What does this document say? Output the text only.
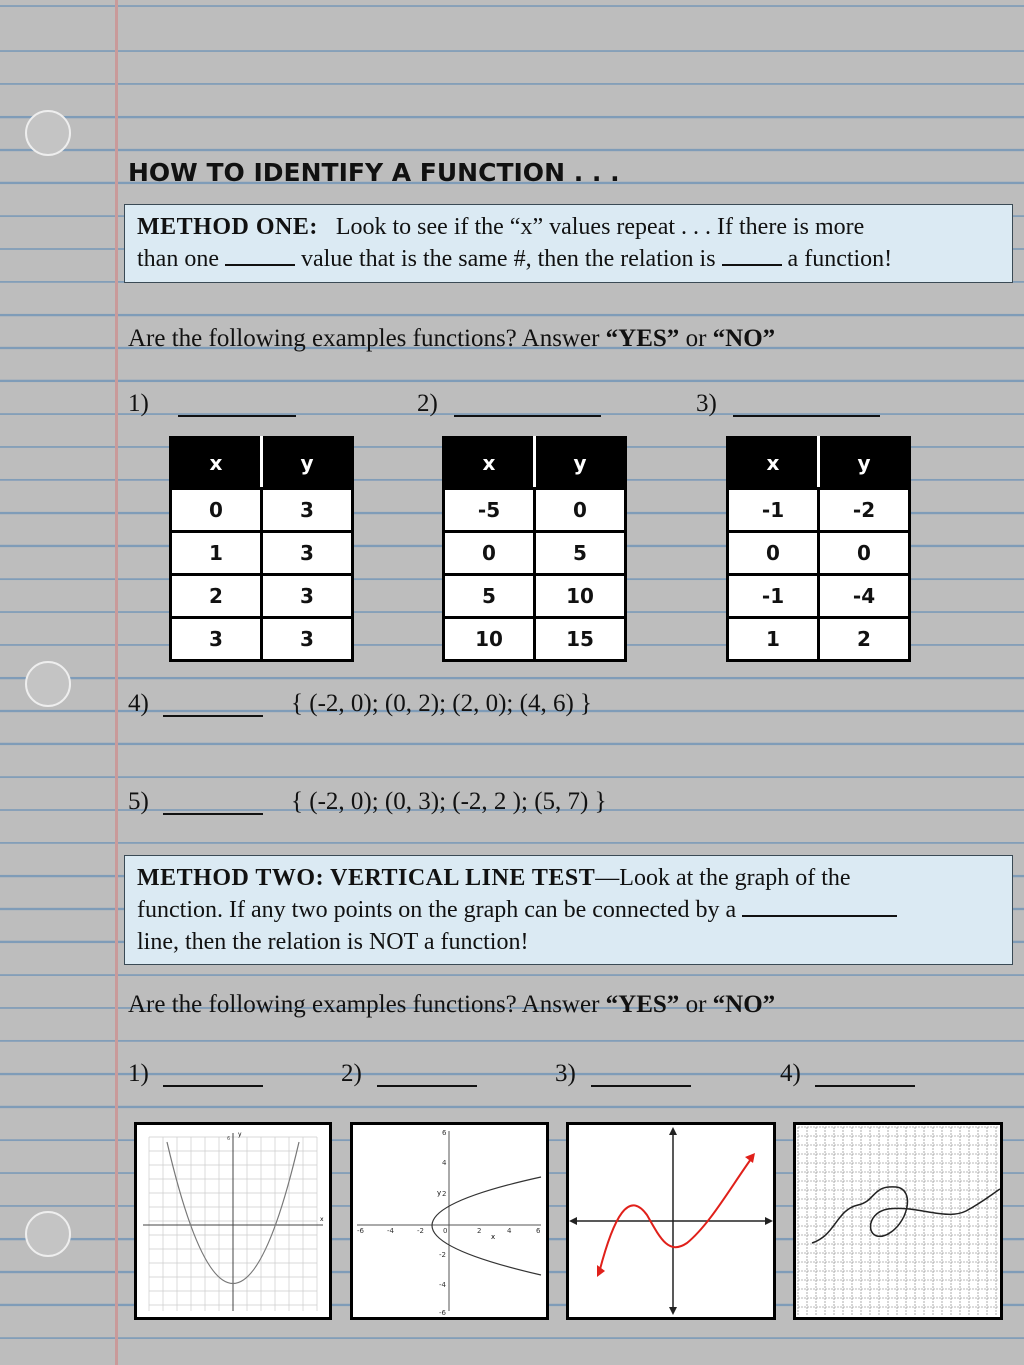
HOW TO IDENTIFY A FUNCTION . . .
METHOD ONE: Look to see if the “x” values repeat . . . If there is more
than one	value that is the same #, then the relation is	a function!
Are the following examples functions? Answer “YES” or “NO”
1)	2)	3)
x	y
0	3
1	3
2	3
3	3
x	y
-5	0
0	5
5	10
10	15
x	y
-1	-2
0	0
-1	-4
1	2
4)	{ (-2, 0); (0, 2); (2, 0); (4, 6) }
5)	{ (-2, 0); (0, 3); (-2, 2 ); (5, 7) }
METHOD TWO: VERTICAL LINE TEST—Look at the graph of the
function. If any two points on the graph can be connected by a
line, then the relation is NOT a function!
Are the following examples functions? Answer “YES” or “NO”
1)	2)	3)	4)
y
x
6
y
x
6
4
2
-2
-4
-6
-6	-4	-2	0	2	4	6
